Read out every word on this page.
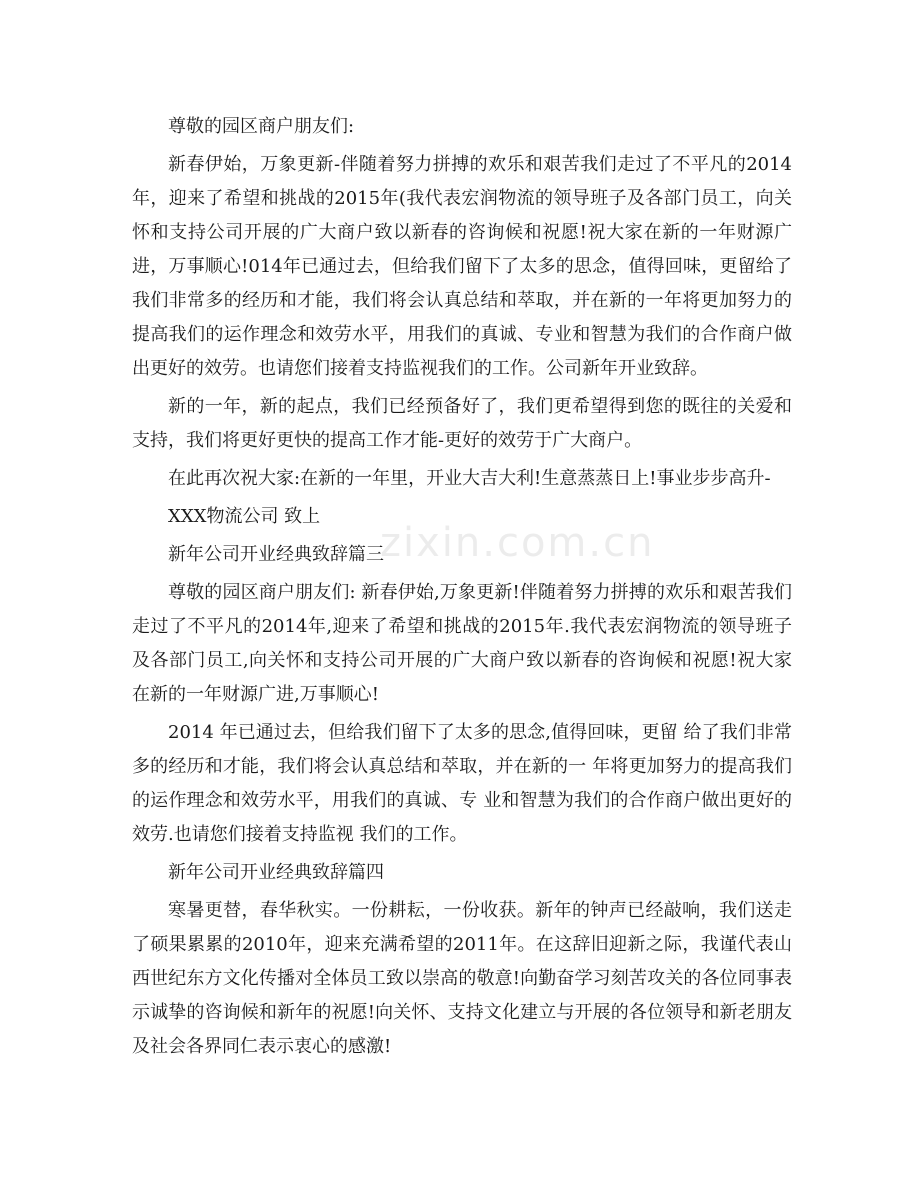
zixin.com.cn

尊敬的园区商户朋友们:

新春伊始，万象更新-伴随着努力拼搏的欢乐和艰苦我们走过了不平凡的2014年，迎来了希望和挑战的2015年(我代表宏润物流的领导班子及各部门员工，向关怀和支持公司开展的广大商户致以新春的咨询候和祝愿!祝大家在新的一年财源广进，万事顺心!014年已通过去，但给我们留下了太多的思念，值得回味，更留给了我们非常多的经历和才能，我们将会认真总结和萃取，并在新的一年将更加努力的提高我们的运作理念和效劳水平，用我们的真诚、专业和智慧为我们的合作商户做出更好的效劳。也请您们接着支持监视我们的工作。公司新年开业致辞。

新的一年，新的起点，我们已经预备好了，我们更希望得到您的既往的关爱和支持，我们将更好更快的提高工作才能-更好的效劳于广大商户。

在此再次祝大家:在新的一年里，开业大吉大利!生意蒸蒸日上!事业步步高升-

XXX物流公司 致上

新年公司开业经典致辞篇三

尊敬的园区商户朋友们: 新春伊始,万象更新!伴随着努力拼搏的欢乐和艰苦我们走过了不平凡的2014年,迎来了希望和挑战的2015年.我代表宏润物流的领导班子及各部门员工,向关怀和支持公司开展的广大商户致以新春的咨询候和祝愿!祝大家在新的一年财源广进,万事顺心!

2014 年已通过去，但给我们留下了太多的思念,值得回味，更留 给了我们非常多的经历和才能，我们将会认真总结和萃取，并在新的一 年将更加努力的提高我们的运作理念和效劳水平，用我们的真诚、专 业和智慧为我们的合作商户做出更好的效劳.也请您们接着支持监视 我们的工作。

新年公司开业经典致辞篇四

寒暑更替，春华秋实。一份耕耘，一份收获。新年的钟声已经敲响，我们送走了硕果累累的2010年，迎来充满希望的2011年。在这辞旧迎新之际，我谨代表山西世纪东方文化传播对全体员工致以崇高的敬意!向勤奋学习刻苦攻关的各位同事表示诚挚的咨询候和新年的祝愿!向关怀、支持文化建立与开展的各位领导和新老朋友及社会各界同仁表示衷心的感激!
